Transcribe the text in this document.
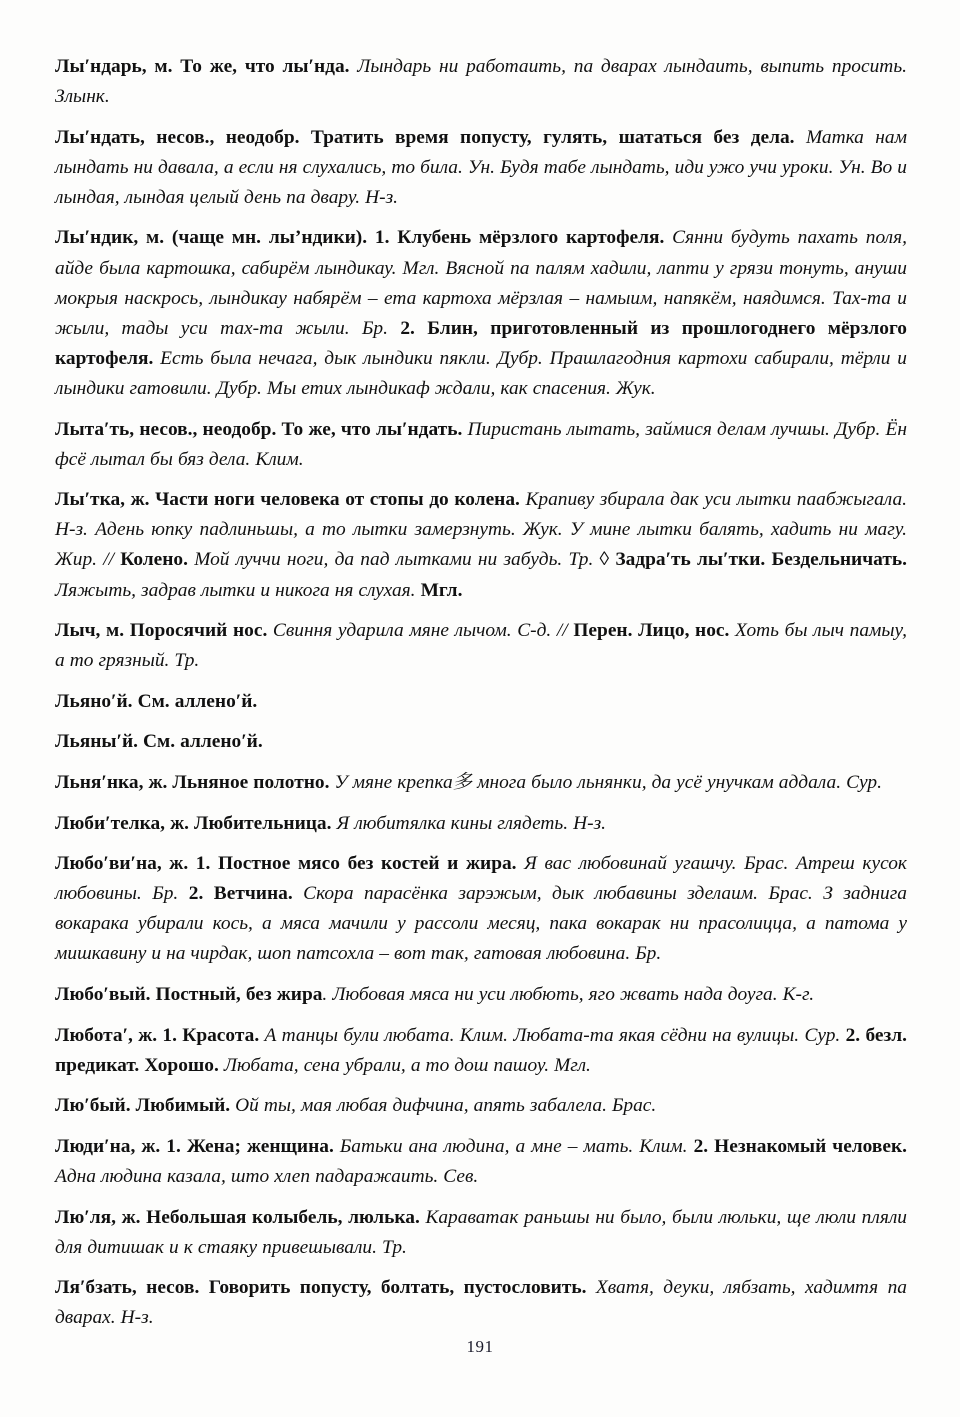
Лы′ндарь, м. То же, что лы′нда. Лындарь ни работаить, па дварах лындаить, выпить просить. Злынк.

Лы′ндать, несов., неодобр. Тратить время попусту, гулять, шататься без дела. Матка нам лындать ни давала, а если ня слухались, то била. Ун. Будя табе лындать, иди ужо учи уроки. Ун. Во и лындая, лындая целый день па двару. Н-з.

Лы′ндик, м. (чаще мн. лы’ндики). 1. Клубень мёрзлого картофеля. Сянни будуть пахать поля, айде была картошка, сабирём лындикау. Мгл. Вясной па палям хадили, лапти у грязи тонуть, ануши мокрыя наскрось, лындикау набярём – ета картоха мёрзлая – намыим, напякём, наядимся. Тах-та и жыли, тады уси тах-та жыли. Бр. 2. Блин, приготовленный из прошлогоднего мёрзлого картофеля. Есть была нечага, дык лындики пякли. Дубр. Прашлагодния картохи сабирали, тёрли и лындики гатовили. Дубр. Мы етих лындикаф ждали, как спасения. Жук.

Лыта′ть, несов., неодобр. То же, что лы′ндать. Пиристань лытать, займися делам лучшы. Дубр. Ён фсё лытал бы бяз дела. Клим.

Лы′тка, ж. Части ноги человека от стопы до колена. Крапиву збирала дак уси лытки паабжыгала. Н-з. Адень юпку падлиньшы, а то лытки замерзнуть. Жук. У мине лытки балять, хадить ни магу. Жир. // Колено. Мой луччи ноги, да пад лытками ни забудь. Тр. ◊ Задра′ть лы′тки. Бездельничать. Ляжыть, задрав лытки и никога ня слухая. Мгл.

Лыч, м. Поросячий нос. Свиння ударила мяне лычом. С-д. // Перен. Лицо, нос. Хоть бы лыч памыу, а то грязный. Тр.

Льяно′й. См. аллено′й.

Льяны′й. См. аллено′й.

Льня′нка, ж. Льняное полотно. У мяне крепка多 многа было льнянки, да усё унучкам аддала. Сур.

Люби′телка, ж. Любительница. Я любитялка кины глядеть. Н-з.

Любо′ви′на, ж. 1. Постное мясо без костей и жира. Я вас любовинай угашчу. Брас. Атреш кусок любовины. Бр. 2. Ветчина. Скора парасёнка зарэжым, дык любавины зделаим. Брас. З заднига вокарака убирали кось, а мяса мачили у рассоли месяц, пака вокарак ни прасолицца, а патома у мишкавину и на чирдак, шоп патсохла – вот так, гатовая любовина. Бр.

Любо′вый. Постный, без жира. Любовая мяса ни уси любють, яго жвать нада доуга. К-г.

Любота′, ж. 1. Красота. А танцы були любата. Клим. Любата-та якая сёдни на вулицы. Сур. 2. безл. предикат. Хорошо. Любата, сена убрали, а то дош пашоу. Мгл.

Лю′бый. Любимый. Ой ты, мая любая дифчина, апять забалела. Брас.

Люди′на, ж. 1. Жена; женщина. Батьки ана людина, а мне – мать. Клим. 2. Незнакомый человек. Адна людина казала, што хлеп падаражаить. Сев.

Лю′ля, ж. Небольшая колыбель, люлька. Караватак раньшы ни было, были люльки, ще люли пляли для дитишак и к стаяку привешывали. Тр.

Ля′бзать, несов. Говорить попусту, болтать, пустословить. Хватя, деуки, лябзать, хадимтя па дварах. Н-з.

191
